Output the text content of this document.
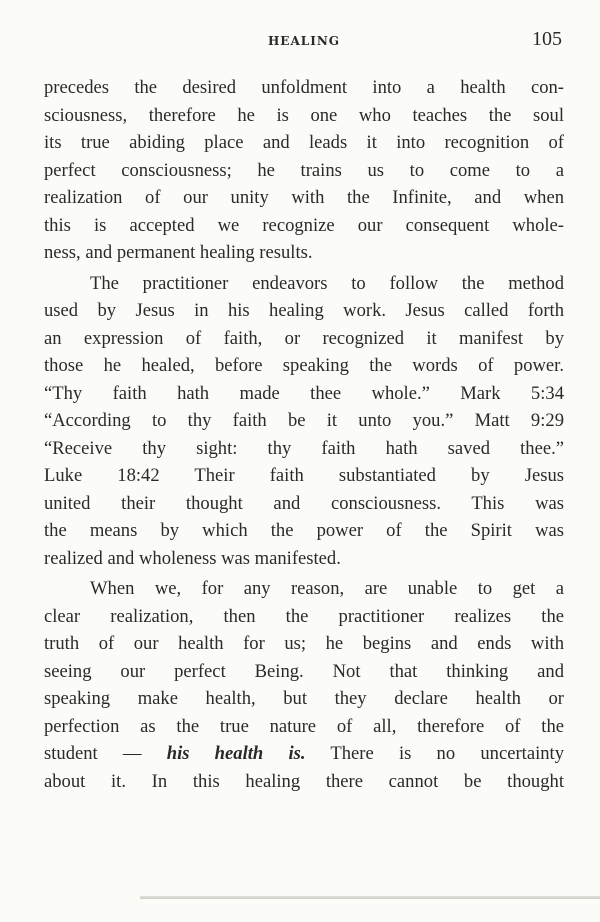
HEALING	105
precedes the desired unfoldment into a health con-
sciousness, therefore he is one who teaches the soul
its true abiding place and leads it into recognition of
perfect consciousness; he trains us to come to a
realization of our unity with the Infinite, and when
this is accepted we recognize our consequent whole-
ness, and permanent healing results.
The practitioner endeavors to follow the method
used by Jesus in his healing work. Jesus called forth
an expression of faith, or recognized it manifest by
those he healed, before speaking the words of power.
“Thy faith hath made thee whole.” Mark 5:34
“According to thy faith be it unto you.” Matt 9:29
“Receive thy sight: thy faith hath saved thee.”
Luke 18:42 Their faith substantiated by Jesus
united their thought and consciousness. This was
the means by which the power of the Spirit was
realized and wholeness was manifested.
When we, for any reason, are unable to get a
clear realization, then the practitioner realizes the
truth of our health for us; he begins and ends with
seeing our perfect Being. Not that thinking and
speaking make health, but they declare health or
perfection as the true nature of all, therefore of the
student — his health is. There is no uncertainty
about it. In this healing there cannot be thought
